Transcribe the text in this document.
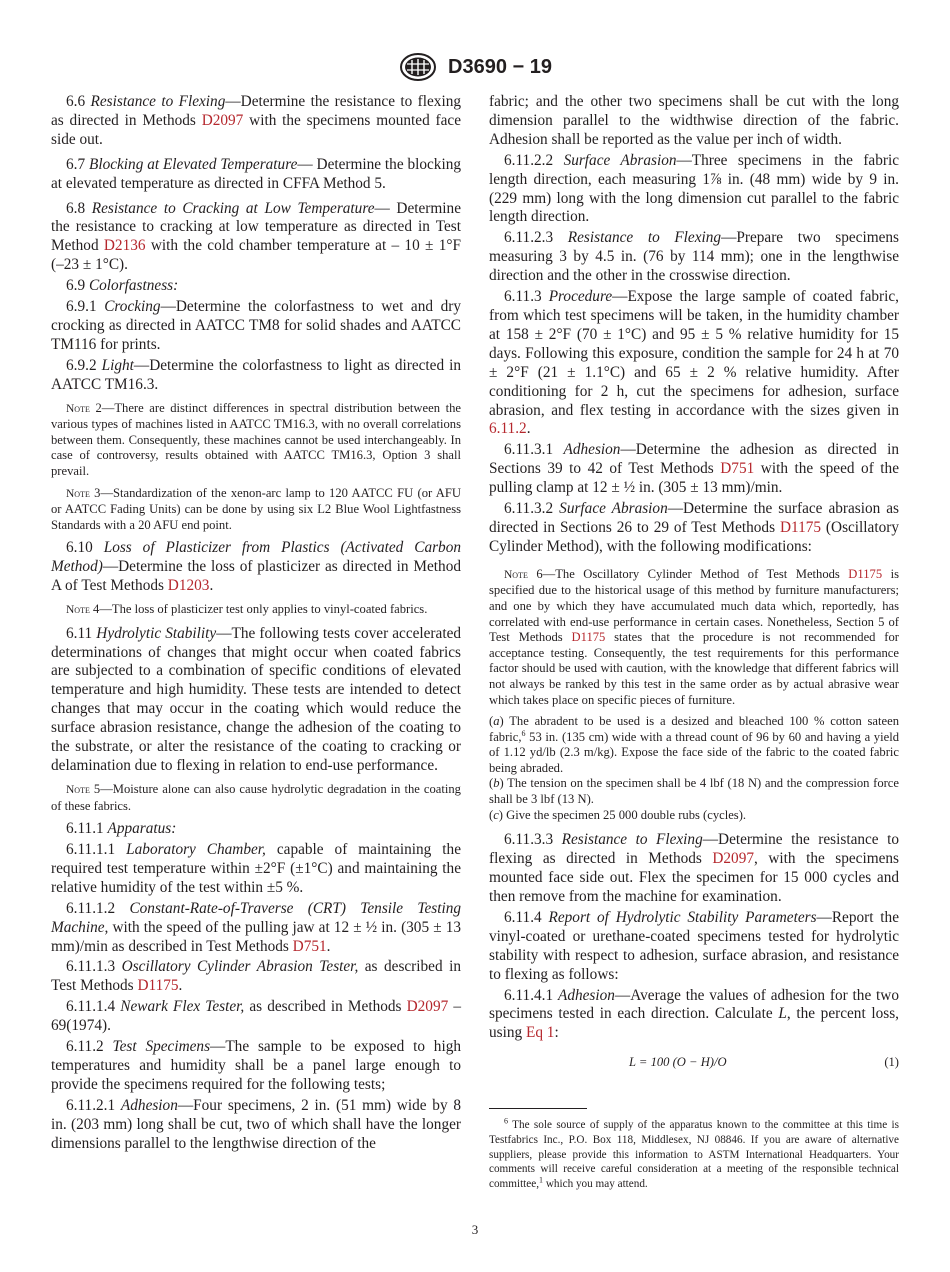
D3690 − 19

6.6 Resistance to Flexing—Determine the resistance to flexing as directed in Methods D2097 with the specimens mounted face side out.

6.7 Blocking at Elevated Temperature— Determine the blocking at elevated temperature as directed in CFFA Method 5.

6.8 Resistance to Cracking at Low Temperature— Determine the resistance to cracking at low temperature as directed in Test Method D2136 with the cold chamber temperature at – 10 ± 1°F (–23 ± 1°C).

6.9 Colorfastness:

6.9.1 Crocking—Determine the colorfastness to wet and dry crocking as directed in AATCC TM8 for solid shades and AATCC TM116 for prints.

6.9.2 Light—Determine the colorfastness to light as directed in AATCC TM16.3.

Note 2—There are distinct differences in spectral distribution between the various types of machines listed in AATCC TM16.3, with no overall correlations between them. Consequently, these machines cannot be used interchangeably. In case of controversy, results obtained with AATCC TM16.3, Option 3 shall prevail.

Note 3—Standardization of the xenon-arc lamp to 120 AATCC FU (or AFU or AATCC Fading Units) can be done by using six L2 Blue Wool Lightfastness Standards with a 20 AFU end point.

6.10 Loss of Plasticizer from Plastics (Activated Carbon Method)—Determine the loss of plasticizer as directed in Method A of Test Methods D1203.

Note 4—The loss of plasticizer test only applies to vinyl-coated fabrics.

6.11 Hydrolytic Stability—The following tests cover accelerated determinations of changes that might occur when coated fabrics are subjected to a combination of specific conditions of elevated temperature and high humidity. These tests are intended to detect changes that may occur in the coating which would reduce the surface abrasion resistance, change the adhesion of the coating to the substrate, or alter the resistance of the coating to cracking or delamination due to flexing in relation to end-use performance.

Note 5—Moisture alone can also cause hydrolytic degradation in the coating of these fabrics.

6.11.1 Apparatus:

6.11.1.1 Laboratory Chamber, capable of maintaining the required test temperature within ±2°F (±1°C) and maintaining the relative humidity of the test within ±5 %.

6.11.1.2 Constant-Rate-of-Traverse (CRT) Tensile Testing Machine, with the speed of the pulling jaw at 12 ± ½ in. (305 ± 13 mm)/min as described in Test Methods D751.

6.11.1.3 Oscillatory Cylinder Abrasion Tester, as described in Test Methods D1175.

6.11.1.4 Newark Flex Tester, as described in Methods D2097 – 69(1974).

6.11.2 Test Specimens—The sample to be exposed to high temperatures and humidity shall be a panel large enough to provide the specimens required for the following tests;

6.11.2.1 Adhesion—Four specimens, 2 in. (51 mm) wide by 8 in. (203 mm) long shall be cut, two of which shall have the longer dimensions parallel to the lengthwise direction of the

fabric; and the other two specimens shall be cut with the long dimension parallel to the widthwise direction of the fabric. Adhesion shall be reported as the value per inch of width.

6.11.2.2 Surface Abrasion—Three specimens in the fabric length direction, each measuring 1⅞ in. (48 mm) wide by 9 in. (229 mm) long with the long dimension cut parallel to the fabric length direction.

6.11.2.3 Resistance to Flexing—Prepare two specimens measuring 3 by 4.5 in. (76 by 114 mm); one in the lengthwise direction and the other in the crosswise direction.

6.11.3 Procedure—Expose the large sample of coated fabric, from which test specimens will be taken, in the humidity chamber at 158 ± 2°F (70 ± 1°C) and 95 ± 5 % relative humidity for 15 days. Following this exposure, condition the sample for 24 h at 70 ± 2°F (21 ± 1.1°C) and 65 ± 2 % relative humidity. After conditioning for 2 h, cut the specimens for adhesion, surface abrasion, and flex testing in accordance with the sizes given in 6.11.2.

6.11.3.1 Adhesion—Determine the adhesion as directed in Sections 39 to 42 of Test Methods D751 with the speed of the pulling clamp at 12 ± ½ in. (305 ± 13 mm)/min.

6.11.3.2 Surface Abrasion—Determine the surface abrasion as directed in Sections 26 to 29 of Test Methods D1175 (Oscillatory Cylinder Method), with the following modifications:

Note 6—The Oscillatory Cylinder Method of Test Methods D1175 is specified due to the historical usage of this method by furniture manufacturers; and one by which they have accumulated much data which, reportedly, has correlated with end-use performance in certain cases. Nonetheless, Section 5 of Test Methods D1175 states that the procedure is not recommended for acceptance testing. Consequently, the test requirements for this performance factor should be used with caution, with the knowledge that different fabrics will not always be ranked by this test in the same order as by actual abrasive wear which takes place on specific pieces of furniture.

(a) The abradent to be used is a desized and bleached 100 % cotton sateen fabric,$^6$ 53 in. (135 cm) wide with a thread count of 96 by 60 and having a yield of 1.12 yd/lb (2.3 m/kg). Expose the face side of the fabric to the coated fabric being abraded.

(b) The tension on the specimen shall be 4 lbf (18 N) and the compression force shall be 3 lbf (13 N).

(c) Give the specimen 25 000 double rubs (cycles).

6.11.3.3 Resistance to Flexing—Determine the resistance to flexing as directed in Methods D2097, with the specimens mounted face side out. Flex the specimen for 15 000 cycles and then remove from the machine for examination.

6.11.4 Report of Hydrolytic Stability Parameters—Report the vinyl-coated or urethane-coated specimens tested for hydrolytic stability with respect to adhesion, surface abrasion, and resistance to flexing as follows:

6.11.4.1 Adhesion—Average the values of adhesion for the two specimens tested in each direction. Calculate L, the percent loss, using Eq 1:

L = 100 (O − H)/O	(1)
$^6$ The sole source of supply of the apparatus known to the committee at this time is Testfabrics Inc., P.O. Box 118, Middlesex, NJ 08846. If you are aware of alternative suppliers, please provide this information to ASTM International Headquarters. Your comments will receive careful consideration at a meeting of the responsible technical committee,$^1$ which you may attend.
3
